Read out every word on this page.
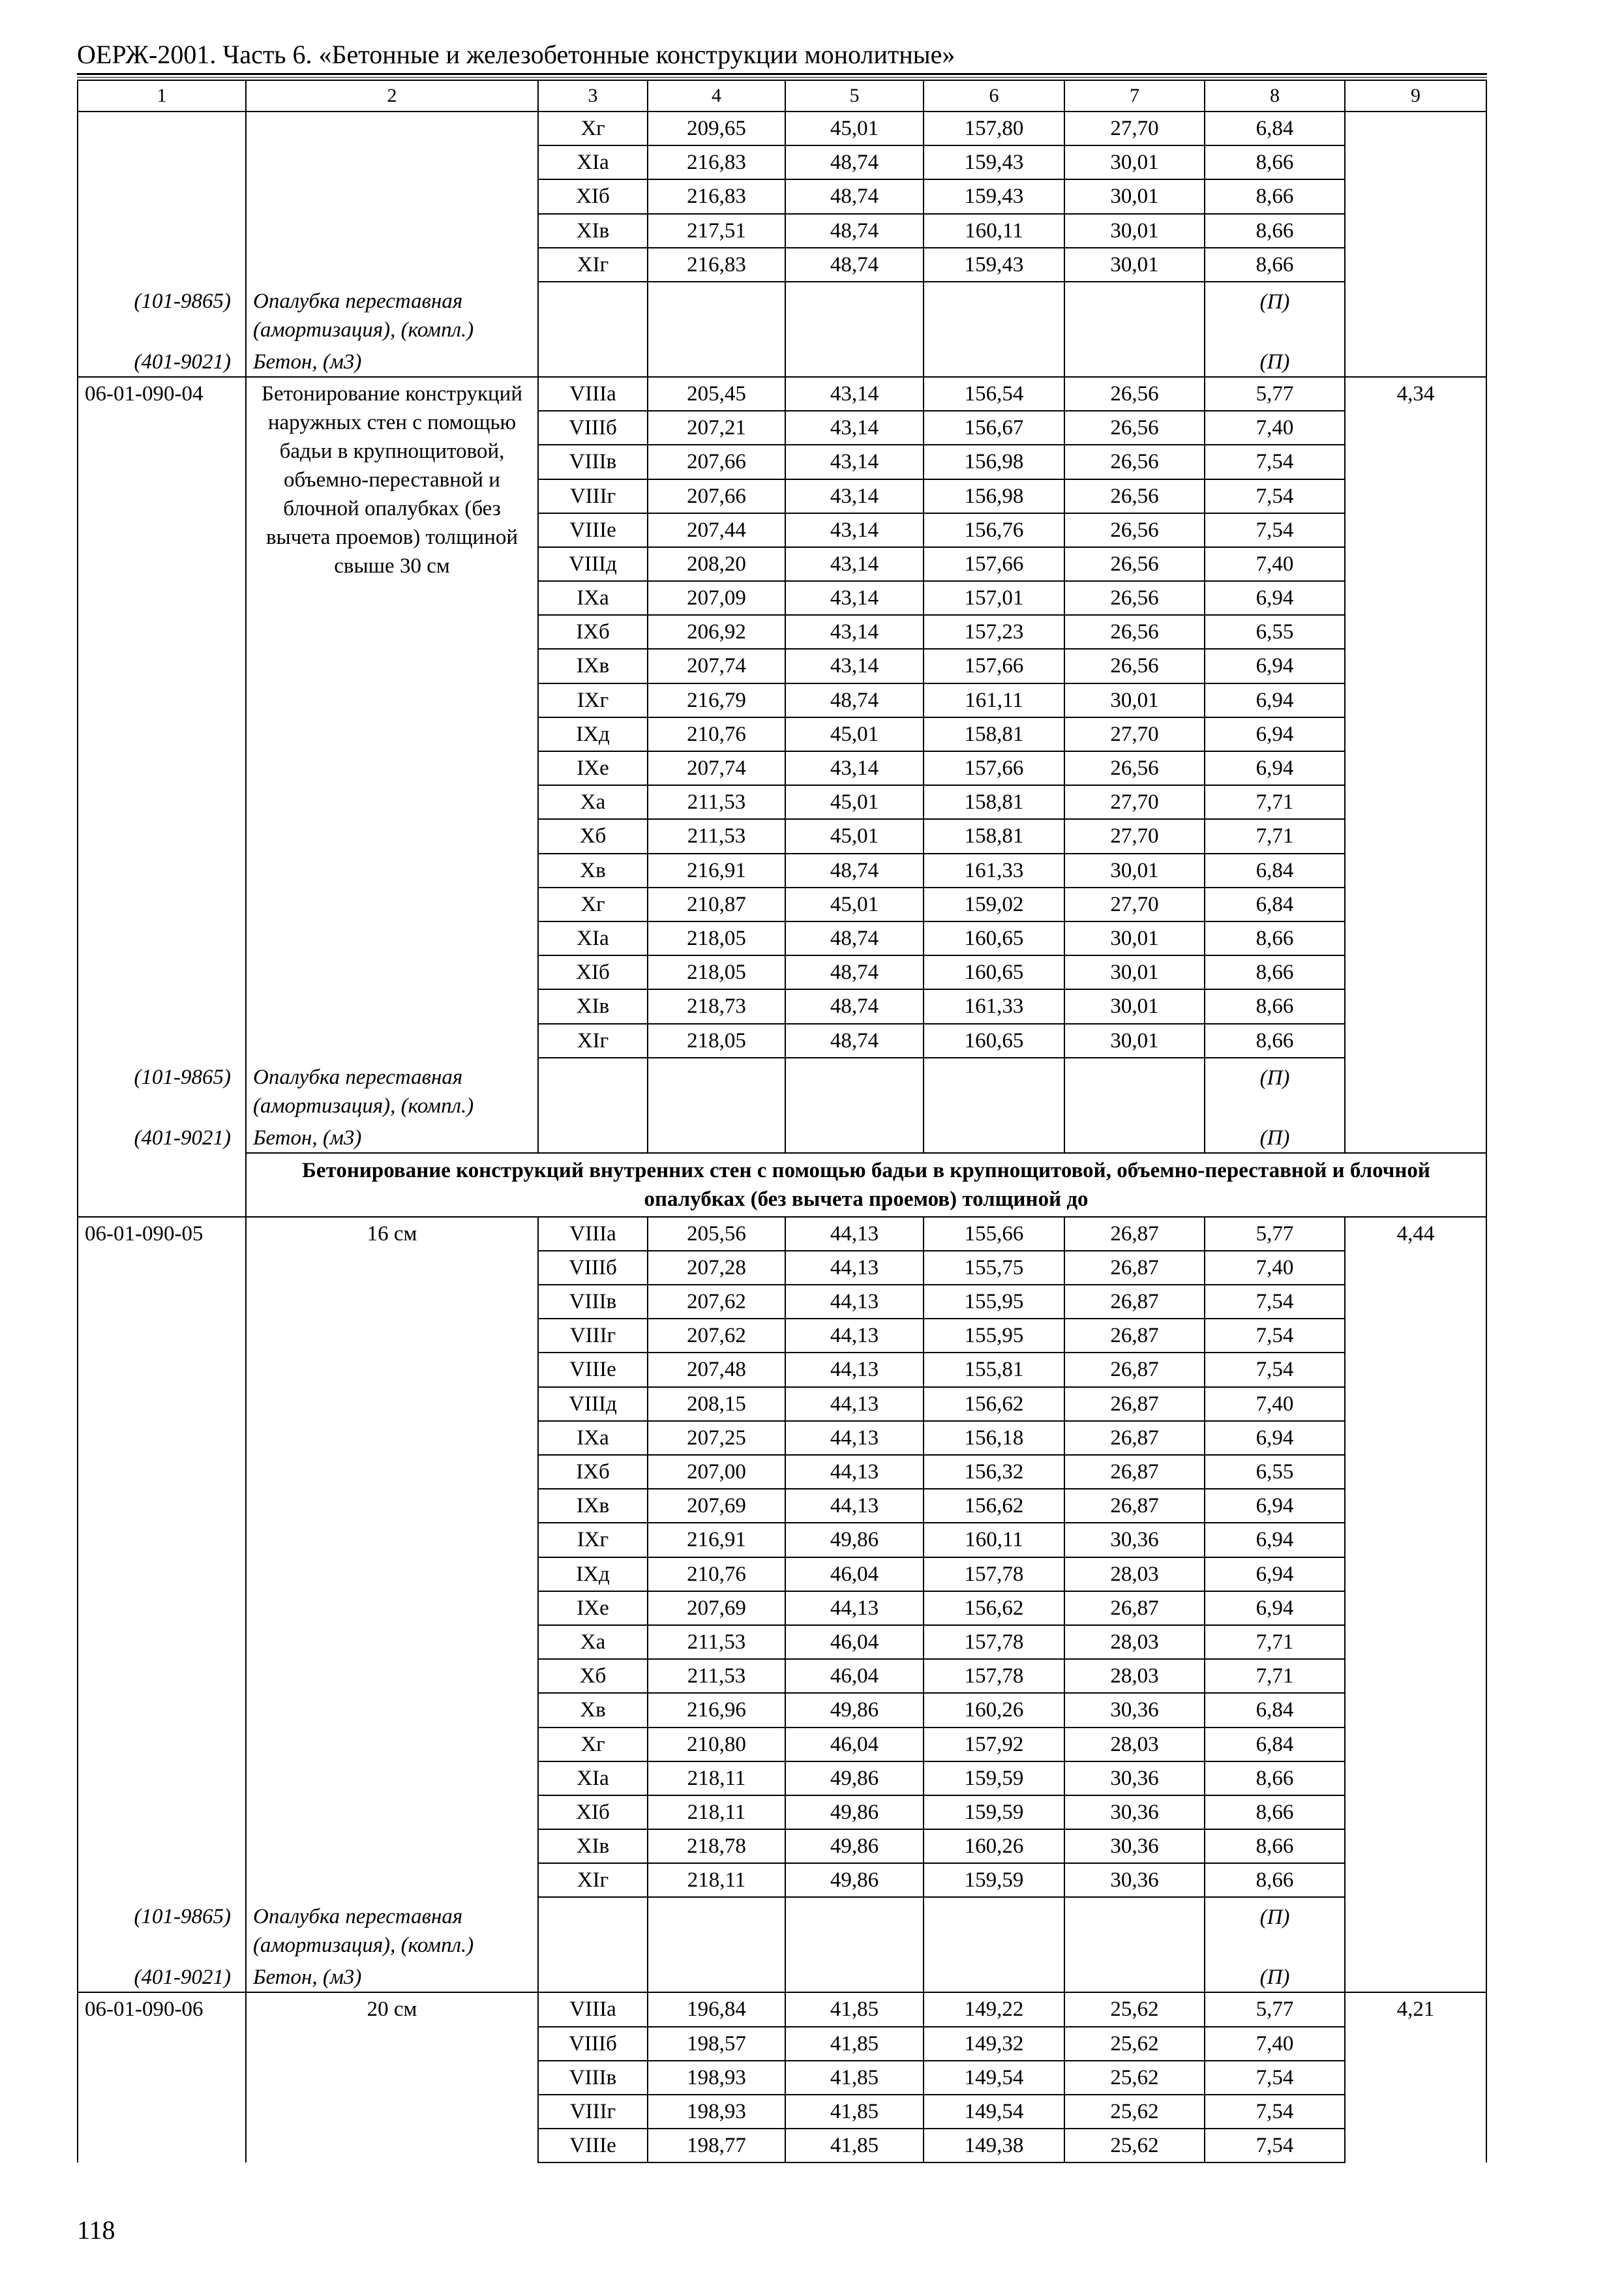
ОЕРЖ-2001. Часть 6. «Бетонные и железобетонные конструкции монолитные»
1	2	3	4	5	6	7	8	9
		Xг	209,65	45,01	157,80	27,70	6,84	
		XIа	216,83	48,74	159,43	30,01	8,66	
		XIб	216,83	48,74	159,43	30,01	8,66	
		XIв	217,51	48,74	160,11	30,01	8,66	
		XIг	216,83	48,74	159,43	30,01	8,66	
(101-9865)	Опалубка переставная (амортизация), (компл.)						(П)	
(401-9021)	Бетон, (м3)						(П)	
06-01-090-04	Бетонирование конструкций наружных стен с помощью бадьи в крупнощитовой, объемно-переставной и блочной опалубках (без вычета проемов) толщиной свыше 30 см	VIIIа	205,45	43,14	156,54	26,56	5,77	4,34
		VIIIб	207,21	43,14	156,67	26,56	7,40	
		VIIIв	207,66	43,14	156,98	26,56	7,54	
		VIIIг	207,66	43,14	156,98	26,56	7,54	
		VIIIе	207,44	43,14	156,76	26,56	7,54	
		VIIIд	208,20	43,14	157,66	26,56	7,40	
		IXа	207,09	43,14	157,01	26,56	6,94	
		IXб	206,92	43,14	157,23	26,56	6,55	
		IXв	207,74	43,14	157,66	26,56	6,94	
		IXг	216,79	48,74	161,11	30,01	6,94	
		IXд	210,76	45,01	158,81	27,70	6,94	
		IXе	207,74	43,14	157,66	26,56	6,94	
		Xа	211,53	45,01	158,81	27,70	7,71	
		Xб	211,53	45,01	158,81	27,70	7,71	
		Xв	216,91	48,74	161,33	30,01	6,84	
		Xг	210,87	45,01	159,02	27,70	6,84	
		XIа	218,05	48,74	160,65	30,01	8,66	
		XIб	218,05	48,74	160,65	30,01	8,66	
		XIв	218,73	48,74	161,33	30,01	8,66	
		XIг	218,05	48,74	160,65	30,01	8,66	
(101-9865)	Опалубка переставная (амортизация), (компл.)						(П)	
(401-9021)	Бетон, (м3)						(П)	
	Бетонирование конструкций внутренних стен с помощью бадьи в крупнощитовой, объемно-переставной и блочной опалубках (без вычета проемов) толщиной до							
06-01-090-05	16 см	VIIIа	205,56	44,13	155,66	26,87	5,77	4,44
		VIIIб	207,28	44,13	155,75	26,87	7,40	
		VIIIв	207,62	44,13	155,95	26,87	7,54	
		VIIIг	207,62	44,13	155,95	26,87	7,54	
		VIIIе	207,48	44,13	155,81	26,87	7,54	
		VIIIд	208,15	44,13	156,62	26,87	7,40	
		IXа	207,25	44,13	156,18	26,87	6,94	
		IXб	207,00	44,13	156,32	26,87	6,55	
		IXв	207,69	44,13	156,62	26,87	6,94	
		IXг	216,91	49,86	160,11	30,36	6,94	
		IXд	210,76	46,04	157,78	28,03	6,94	
		IXе	207,69	44,13	156,62	26,87	6,94	
		Xа	211,53	46,04	157,78	28,03	7,71	
		Xб	211,53	46,04	157,78	28,03	7,71	
		Xв	216,96	49,86	160,26	30,36	6,84	
		Xг	210,80	46,04	157,92	28,03	6,84	
		XIа	218,11	49,86	159,59	30,36	8,66	
		XIб	218,11	49,86	159,59	30,36	8,66	
		XIв	218,78	49,86	160,26	30,36	8,66	
		XIг	218,11	49,86	159,59	30,36	8,66	
(101-9865)	Опалубка переставная (амортизация), (компл.)						(П)	
(401-9021)	Бетон, (м3)						(П)	
06-01-090-06	20 см	VIIIа	196,84	41,85	149,22	25,62	5,77	4,21
		VIIIб	198,57	41,85	149,32	25,62	7,40	
		VIIIв	198,93	41,85	149,54	25,62	7,54	
		VIIIг	198,93	41,85	149,54	25,62	7,54	
		VIIIе	198,77	41,85	149,38	25,62	7,54	
118
